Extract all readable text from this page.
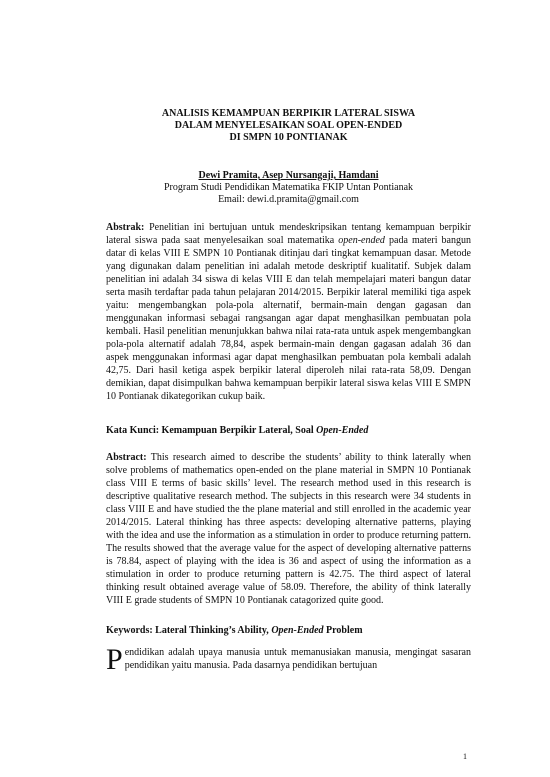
ANALISIS KEMAMPUAN BERPIKIR LATERAL SISWA
DALAM MENYELESAIKAN SOAL OPEN-ENDED
DI SMPN 10 PONTIANAK
Dewi Pramita, Asep Nursangaji, Hamdani
Program Studi Pendidikan Matematika FKIP Untan Pontianak
Email: dewi.d.pramita@gmail.com
Abstrak: Penelitian ini bertujuan untuk mendeskripsikan tentang kemampuan berpikir lateral siswa pada saat menyelesaikan soal matematika open-ended pada materi bangun datar di kelas VIII E SMPN 10 Pontianak ditinjau dari tingkat kemampuan dasar. Metode yang digunakan dalam penelitian ini adalah metode deskriptif kualitatif. Subjek dalam penelitian ini adalah 34 siswa di kelas VIII E dan telah mempelajari materi bangun datar serta masih terdaftar pada tahun pelajaran 2014/2015. Berpikir lateral memiliki tiga aspek yaitu: mengembangkan pola-pola alternatif, bermain-main dengan gagasan dan menggunakan informasi sebagai rangsangan agar dapat menghasilkan pembuatan pola kembali. Hasil penelitian menunjukkan bahwa nilai rata-rata untuk aspek mengembangkan pola-pola alternatif adalah 78,84, aspek bermain-main dengan gagasan adalah 36 dan aspek menggunakan informasi agar dapat menghasilkan pembuatan pola kembali adalah 42,75. Dari hasil ketiga aspek berpikir lateral diperoleh nilai rata-rata 58,09. Dengan demikian, dapat disimpulkan bahwa kemampuan berpikir lateral siswa kelas VIII E SMPN 10 Pontianak dikategorikan cukup baik.
Kata Kunci: Kemampuan Berpikir Lateral, Soal Open-Ended
Abstract: This research aimed to describe the students’ ability to think laterally when solve problems of mathematics open-ended on the plane material in SMPN 10 Pontianak class VIII E terms of basic skills’ level. The research method used in this research is descriptive qualitative research method. The subjects in this research were 34 students in class VIII E and have studied the the plane material and still enrolled in the academic year 2014/2015. Lateral thinking has three aspects: developing alternative patterns, playing with the idea and use the information as a stimulation in order to produce returning pattern. The results showed that the average value for the aspect of developing alternative patterns is 78.84, aspect of playing with the idea is 36 and aspect of using the information as a stimulation in order to produce returning pattern is 42.75. The third aspect of lateral thinking result obtained average value of 58.09. Therefore, the ability of think laterally VIII E grade students of SMPN 10 Pontianak catagorized quite good.
Keywords: Lateral Thinking’s Ability, Open-Ended Problem
Pendidikan adalah upaya manusia untuk memanusiakan manusia, mengingat sasaran pendidikan yaitu manusia. Pada dasarnya pendidikan bertujuan
1
